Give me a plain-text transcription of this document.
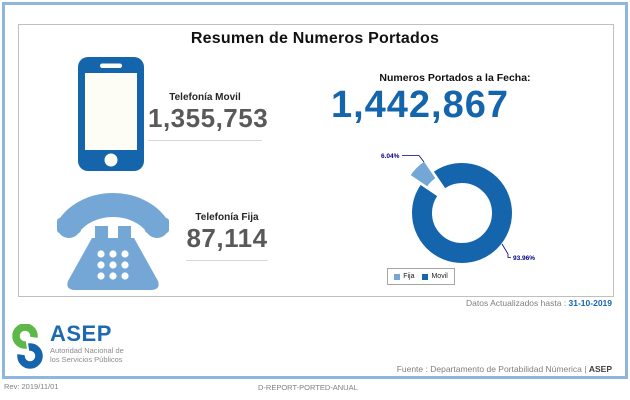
Resumen de Numeros Portados
Telefonía Movil
1,355,753
Telefonía Fija
87,114
Numeros Portados a la Fecha:
1,442,867
6.04%
93.96%
Fija Movil
Datos Actualizados hasta : 31-10-2019
ASEP
Autoridad Nacional de
los Servicios Públicos
Fuente : Departamento de Portabilidad Númerica | ASEP
Rev: 2019/11/01	D-REPORT-PORTED-ANUAL
